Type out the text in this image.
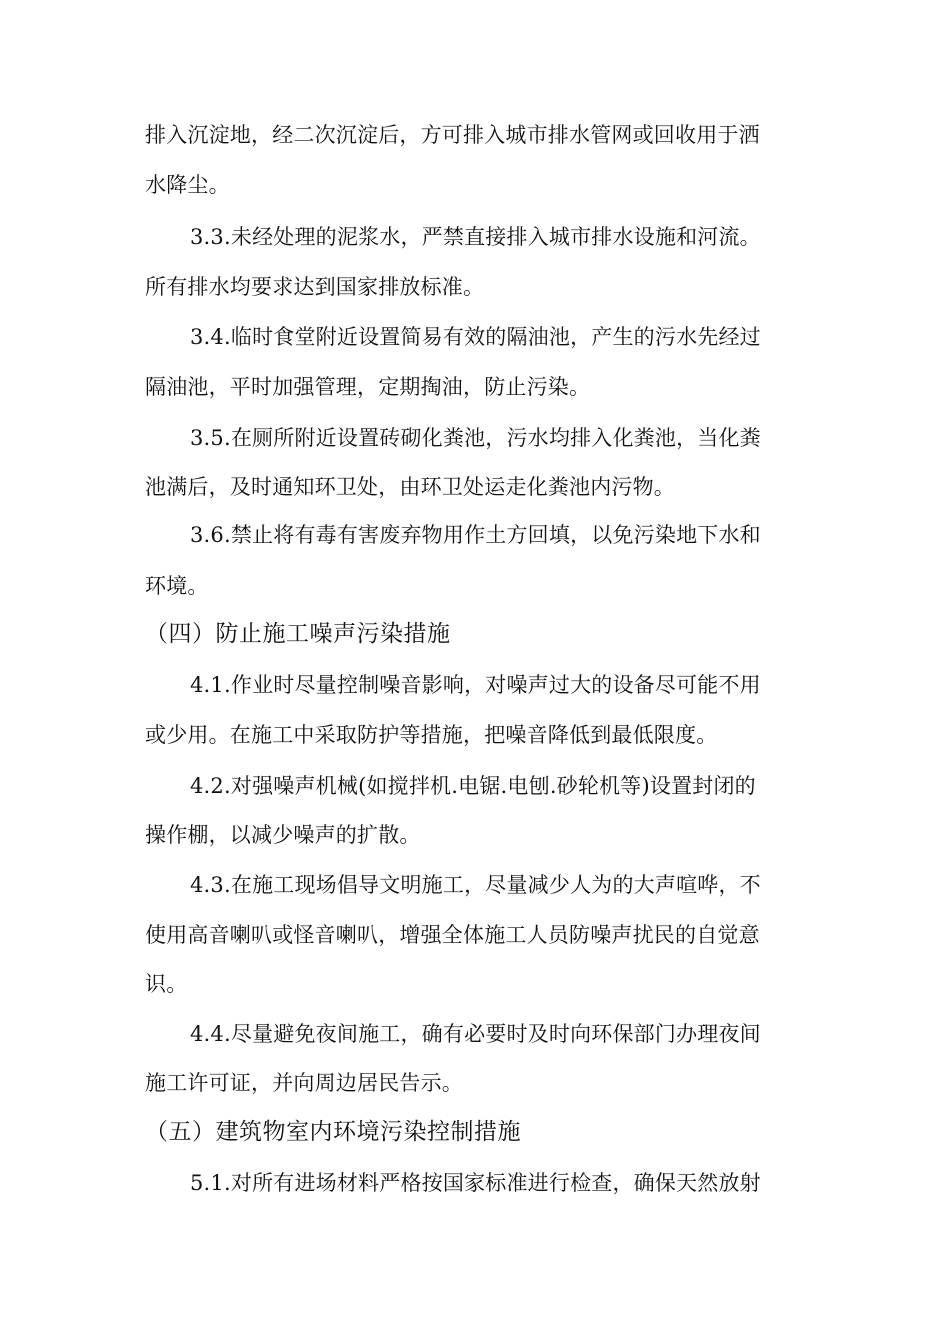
排入沉淀地，经二次沉淀后，方可排入城市排水管网或回收用于洒
水降尘。
3.3.未经处理的泥浆水，严禁直接排入城市排水设施和河流。
所有排水均要求达到国家排放标准。
3.4.临时食堂附近设置简易有效的隔油池，产生的污水先经过
隔油池，平时加强管理，定期掏油，防止污染。
3.5.在厕所附近设置砖砌化粪池，污水均排入化粪池，当化粪
池满后，及时通知环卫处，由环卫处运走化粪池内污物。
3.6.禁止将有毒有害废弃物用作土方回填，以免污染地下水和
环境。
（四）防止施工噪声污染措施
4.1.作业时尽量控制噪音影响，对噪声过大的设备尽可能不用
或少用。在施工中采取防护等措施，把噪音降低到最低限度。
4.2.对强噪声机械(如搅拌机.电锯.电刨.砂轮机等)设置封闭的
操作棚，以减少噪声的扩散。
4.3.在施工现场倡导文明施工，尽量减少人为的大声喧哗，不
使用高音喇叭或怪音喇叭，增强全体施工人员防噪声扰民的自觉意
识。
4.4.尽量避免夜间施工，确有必要时及时向环保部门办理夜间
施工许可证，并向周边居民告示。
（五）建筑物室内环境污染控制措施
5.1.对所有进场材料严格按国家标准进行检查，确保天然放射
